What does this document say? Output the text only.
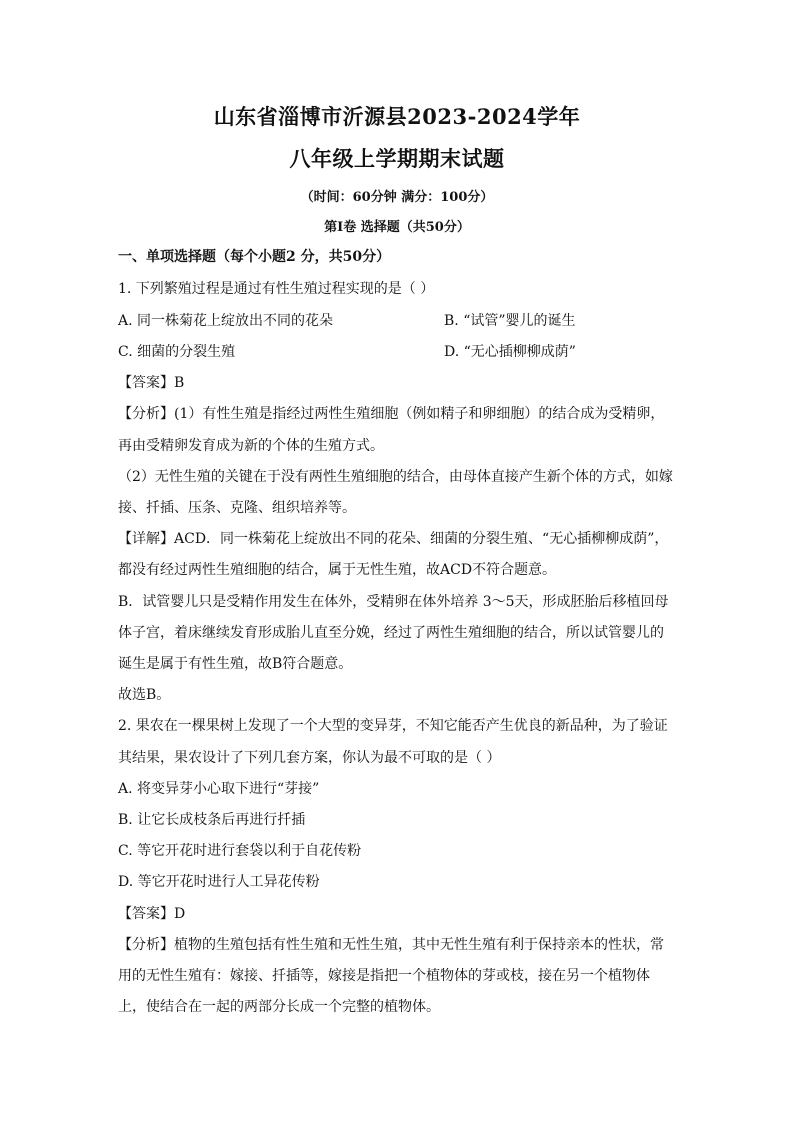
山东省淄博市沂源县2023-2024学年
八年级上学期期末试题
（时间：60分钟 满分：100分）
第Ⅰ卷 选择题（共50分）
一、单项选择题（每个小题2 分，共50分）
1. 下列繁殖过程是通过有性生殖过程实现的是（ ）
A. 同一株菊花上绽放出不同的花朵	B. “试管”婴儿的诞生
C. 细菌的分裂生殖	D. “无心插柳柳成荫”
【答案】B
【分析】(1）有性生殖是指经过两性生殖细胞（例如精子和卵细胞）的结合成为受精卵，
再由受精卵发育成为新的个体的生殖方式。
（2）无性生殖的关键在于没有两性生殖细胞的结合，由母体直接产生新个体的方式，如嫁
接、扦插、压条、克隆、组织培养等。
【详解】ACD．同一株菊花上绽放出不同的花朵、细菌的分裂生殖、“无心插柳柳成荫”，
都没有经过两性生殖细胞的结合，属于无性生殖，故ACD不符合题意。
B．试管婴儿只是受精作用发生在体外，受精卵在体外培养 3～5天，形成胚胎后移植回母
体子宫，着床继续发育形成胎儿直至分娩，经过了两性生殖细胞的结合，所以试管婴儿的
诞生是属于有性生殖，故B符合题意。
故选B。
2. 果农在一棵果树上发现了一个大型的变异芽，不知它能否产生优良的新品种，为了验证
其结果，果农设计了下列几套方案，你认为最不可取的是（ ）
A. 将变异芽小心取下进行“芽接”
B. 让它长成枝条后再进行扦插
C. 等它开花时进行套袋以利于自花传粉
D. 等它开花时进行人工异花传粉
【答案】D
【分析】植物的生殖包括有性生殖和无性生殖，其中无性生殖有利于保持亲本的性状，常
用的无性生殖有：嫁接、扦插等，嫁接是指把一个植物体的芽或枝，接在另一个植物体
上，使结合在一起的两部分长成一个完整的植物体。
